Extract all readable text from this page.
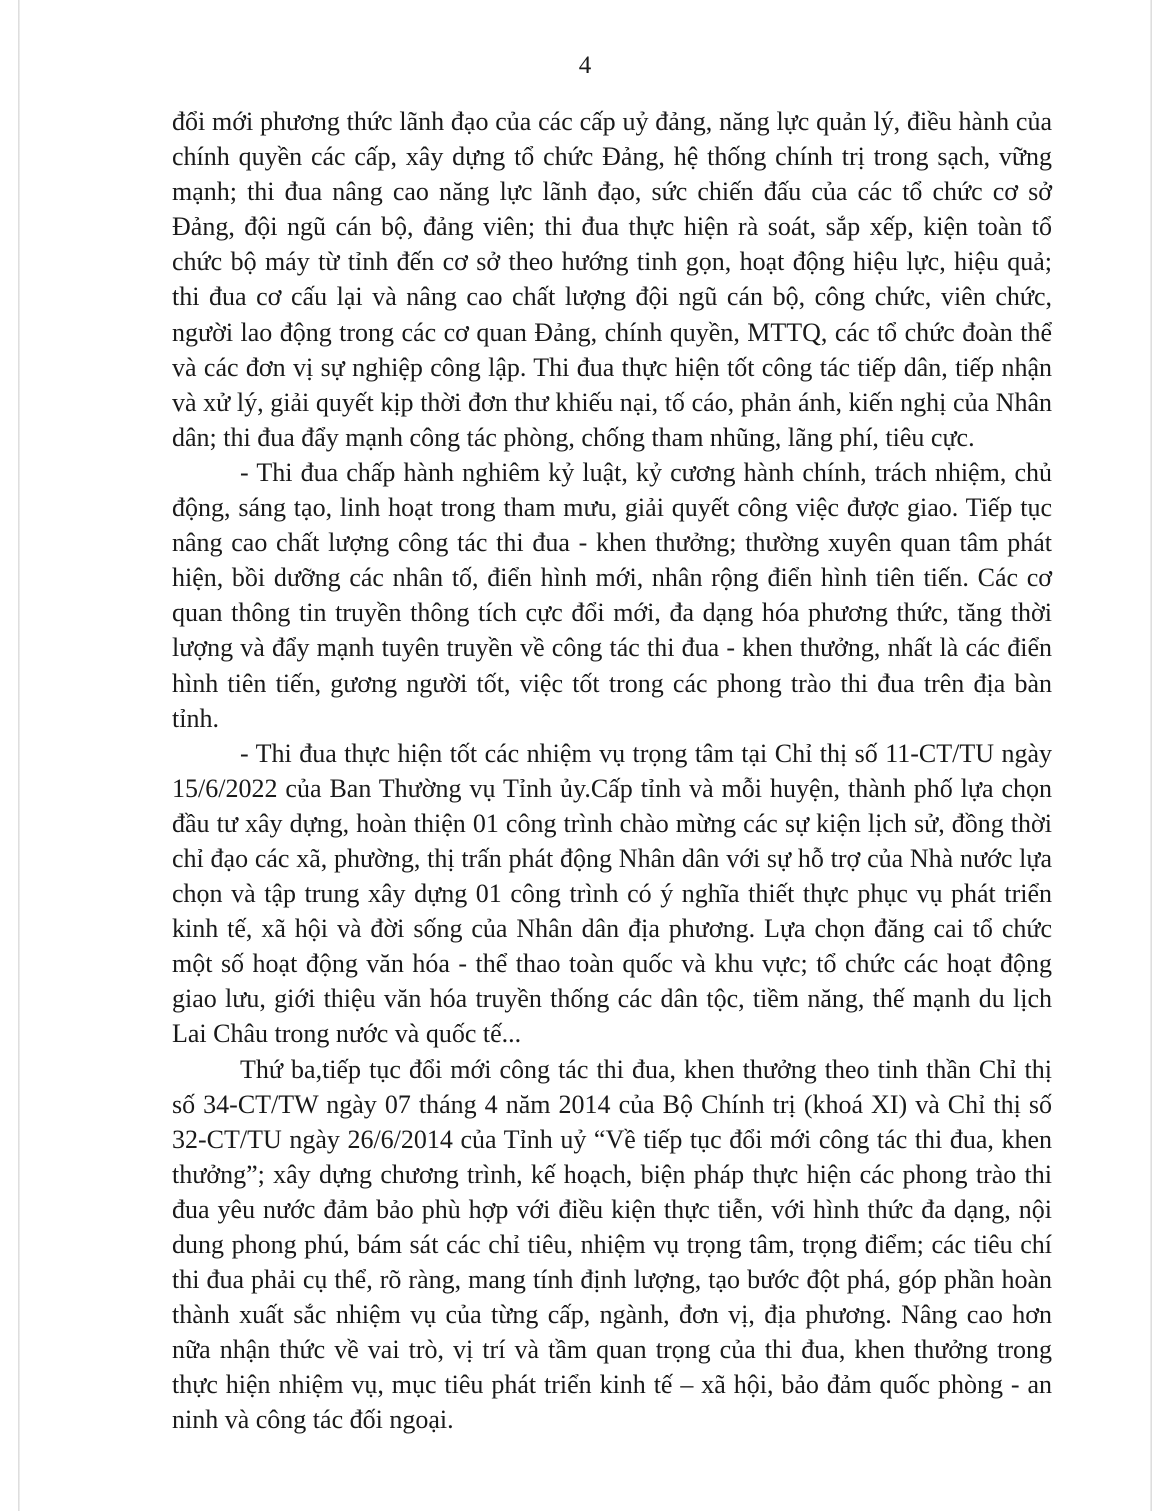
4

đổi mới phương thức lãnh đạo của các cấp uỷ đảng, năng lực quản lý, điều hành của chính quyền các cấp, xây dựng tổ chức Đảng, hệ thống chính trị trong sạch, vững mạnh; thi đua nâng cao năng lực lãnh đạo, sức chiến đấu của các tổ chức cơ sở Đảng, đội ngũ cán bộ, đảng viên; thi đua thực hiện rà soát, sắp xếp, kiện toàn tổ chức bộ máy từ tỉnh đến cơ sở theo hướng tinh gọn, hoạt động hiệu lực, hiệu quả; thi đua cơ cấu lại và nâng cao chất lượng đội ngũ cán bộ, công chức, viên chức, người lao động trong các cơ quan Đảng, chính quyền, MTTQ, các tổ chức đoàn thể và các đơn vị sự nghiệp công lập. Thi đua thực hiện tốt công tác tiếp dân, tiếp nhận và xử lý, giải quyết kịp thời đơn thư khiếu nại, tố cáo, phản ánh, kiến nghị của Nhân dân; thi đua đẩy mạnh công tác phòng, chống tham nhũng, lãng phí, tiêu cực.

- Thi đua chấp hành nghiêm kỷ luật, kỷ cương hành chính, trách nhiệm, chủ động, sáng tạo, linh hoạt trong tham mưu, giải quyết công việc được giao. Tiếp tục nâng cao chất lượng công tác thi đua - khen thưởng; thường xuyên quan tâm phát hiện, bồi dưỡng các nhân tố, điển hình mới, nhân rộng điển hình tiên tiến. Các cơ quan thông tin truyền thông tích cực đổi mới, đa dạng hóa phương thức, tăng thời lượng và đẩy mạnh tuyên truyền về công tác thi đua - khen thưởng, nhất là các điển hình tiên tiến, gương người tốt, việc tốt trong các phong trào thi đua trên địa bàn tỉnh.

- Thi đua thực hiện tốt các nhiệm vụ trọng tâm tại Chỉ thị số 11-CT/TU ngày 15/6/2022 của Ban Thường vụ Tỉnh ủy.Cấp tỉnh và mỗi huyện, thành phố lựa chọn đầu tư xây dựng, hoàn thiện 01 công trình chào mừng các sự kiện lịch sử, đồng thời chỉ đạo các xã, phường, thị trấn phát động Nhân dân với sự hỗ trợ của Nhà nước lựa chọn và tập trung xây dựng 01 công trình có ý nghĩa thiết thực phục vụ phát triển kinh tế, xã hội và đời sống của Nhân dân địa phương. Lựa chọn đăng cai tổ chức một số hoạt động văn hóa - thể thao toàn quốc và khu vực; tổ chức các hoạt động giao lưu, giới thiệu văn hóa truyền thống các dân tộc, tiềm năng, thế mạnh du lịch Lai Châu trong nước và quốc tế...

Thứ ba,tiếp tục đổi mới công tác thi đua, khen thưởng theo tinh thần Chỉ thị số 34-CT/TW ngày 07 tháng 4 năm 2014 của Bộ Chính trị (khoá XI) và Chỉ thị số 32-CT/TU ngày 26/6/2014 của Tỉnh uỷ “Về tiếp tục đổi mới công tác thi đua, khen thưởng”; xây dựng chương trình, kế hoạch, biện pháp thực hiện các phong trào thi đua yêu nước đảm bảo phù hợp với điều kiện thực tiễn, với hình thức đa dạng, nội dung phong phú, bám sát các chỉ tiêu, nhiệm vụ trọng tâm, trọng điểm; các tiêu chí thi đua phải cụ thể, rõ ràng, mang tính định lượng, tạo bước đột phá, góp phần hoàn thành xuất sắc nhiệm vụ của từng cấp, ngành, đơn vị, địa phương. Nâng cao hơn nữa nhận thức về vai trò, vị trí và tầm quan trọng của thi đua, khen thưởng trong thực hiện nhiệm vụ, mục tiêu phát triển kinh tế – xã hội, bảo đảm quốc phòng - an ninh và công tác đối ngoại.
